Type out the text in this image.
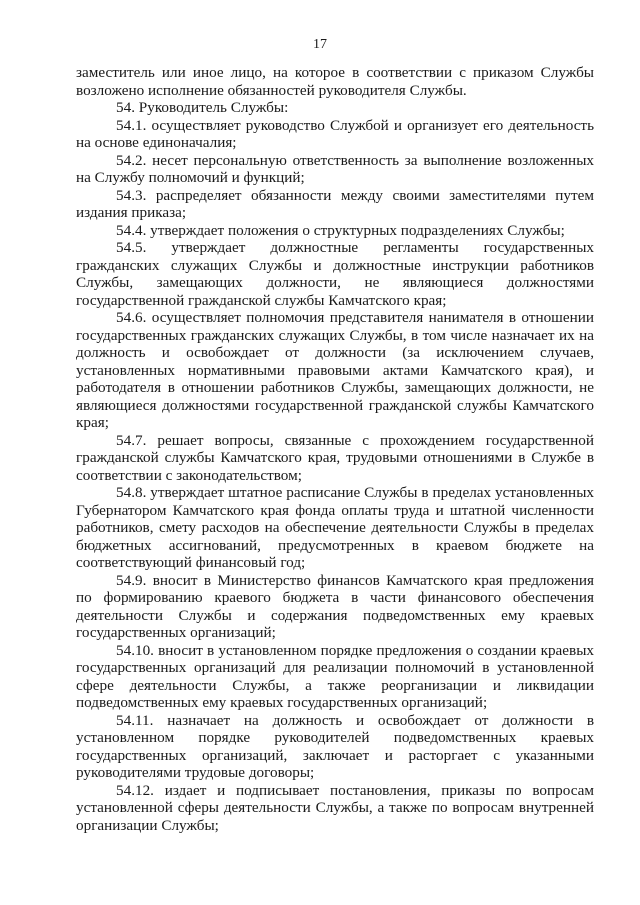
17

заместитель или иное лицо, на которое в соответствии с приказом Службы возложено исполнение обязанностей руководителя Службы.

54. Руководитель Службы:

54.1. осуществляет руководство Службой и организует его деятельность на основе единоначалия;

54.2. несет персональную ответственность за выполнение возложенных на Службу полномочий и функций;

54.3. распределяет обязанности между своими заместителями путем издания приказа;

54.4. утверждает положения о структурных подразделениях Службы;

54.5. утверждает должностные регламенты государственных гражданских служащих Службы и должностные инструкции работников Службы, замещающих должности, не являющиеся должностями государственной гражданской службы Камчатского края;

54.6. осуществляет полномочия представителя нанимателя в отношении государственных гражданских служащих Службы, в том числе назначает их на должность и освобождает от должности (за исключением случаев, установленных нормативными правовыми актами Камчатского края), и работодателя в отношении работников Службы, замещающих должности, не являющиеся должностями государственной гражданской службы Камчатского края;

54.7. решает вопросы, связанные с прохождением государственной гражданской службы Камчатского края, трудовыми отношениями в Службе в соответствии с законодательством;

54.8. утверждает штатное расписание Службы в пределах установленных Губернатором Камчатского края фонда оплаты труда и штатной численности работников, смету расходов на обеспечение деятельности Службы в пределах бюджетных ассигнований, предусмотренных в краевом бюджете на соответствующий финансовый год;

54.9. вносит в Министерство финансов Камчатского края предложения по формированию краевого бюджета в части финансового обеспечения деятельности Службы и содержания подведомственных ему краевых государственных организаций;

54.10. вносит в установленном порядке предложения о создании краевых государственных организаций для реализации полномочий в установленной сфере деятельности Службы, а также реорганизации и ликвидации подведомственных ему краевых государственных организаций;

54.11. назначает на должность и освобождает от должности в установленном порядке руководителей подведомственных краевых государственных организаций, заключает и расторгает с указанными руководителями трудовые договоры;

54.12. издает и подписывает постановления, приказы по вопросам установленной сферы деятельности Службы, а также по вопросам внутренней организации Службы;
